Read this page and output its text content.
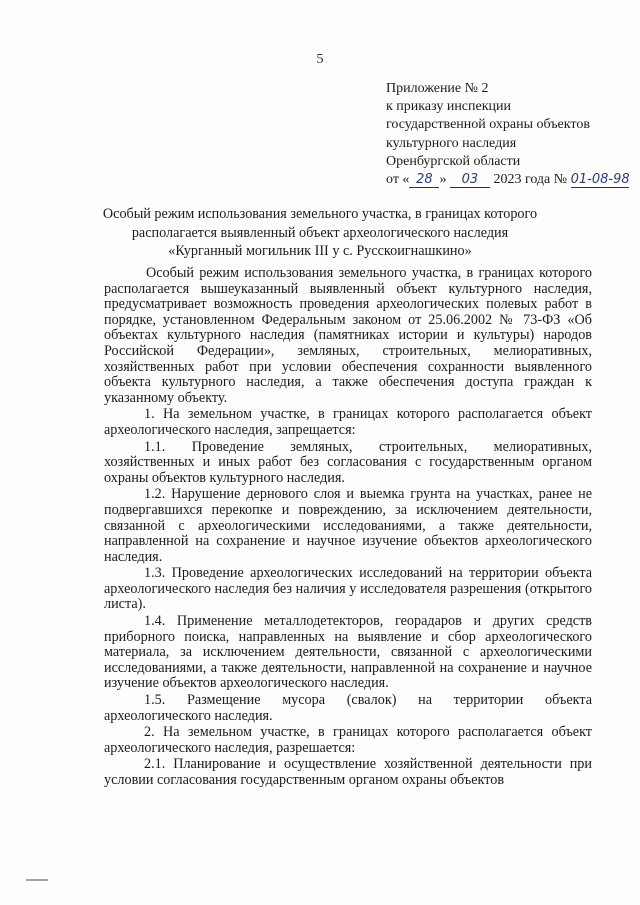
5
Приложение № 2
к приказу инспекции
государственной охраны объектов
культурного наследия
Оренбургской области
от « 28 » 03 2023 года № 01-08-98
Особый режим использования земельного участка, в границах которого располагается выявленный объект археологического наследия «Курганный могильник III у с. Русскоигнашкино»

Особый режим использования земельного участка, в границах которого располагается вышеуказанный выявленный объект культурного наследия, предусматривает возможность проведения археологических полевых работ в порядке, установленном Федеральным законом от 25.06.2002 № 73-ФЗ «Об объектах культурного наследия (памятниках истории и культуры) народов Российской Федерации», земляных, строительных, мелиоративных, хозяйственных работ при условии обеспечения сохранности выявленного объекта культурного наследия, а также обеспечения доступа граждан к указанному объекту.

1. На земельном участке, в границах которого располагается объект археологического наследия, запрещается:

1.1. Проведение земляных, строительных, мелиоративных, хозяйственных и иных работ без согласования с государственным органом охраны объектов культурного наследия.

1.2. Нарушение дернового слоя и выемка грунта на участках, ранее не подвергавшихся перекопке и повреждению, за исключением деятельности, связанной с археологическими исследованиями, а также деятельности, направленной на сохранение и научное изучение объектов археологического наследия.

1.3. Проведение археологических исследований на территории объекта археологического наследия без наличия у исследователя разрешения (открытого листа).

1.4. Применение металлодетекторов, георадаров и других средств приборного поиска, направленных на выявление и сбор археологического материала, за исключением деятельности, связанной с археологическими исследованиями, а также деятельности, направленной на сохранение и научное изучение объектов археологического наследия.

1.5. Размещение мусора (свалок) на территории объекта археологического наследия.

2. На земельном участке, в границах которого располагается объект археологического наследия, разрешается:

2.1. Планирование и осуществление хозяйственной деятельности при условии согласования государственным органом охраны объектов
